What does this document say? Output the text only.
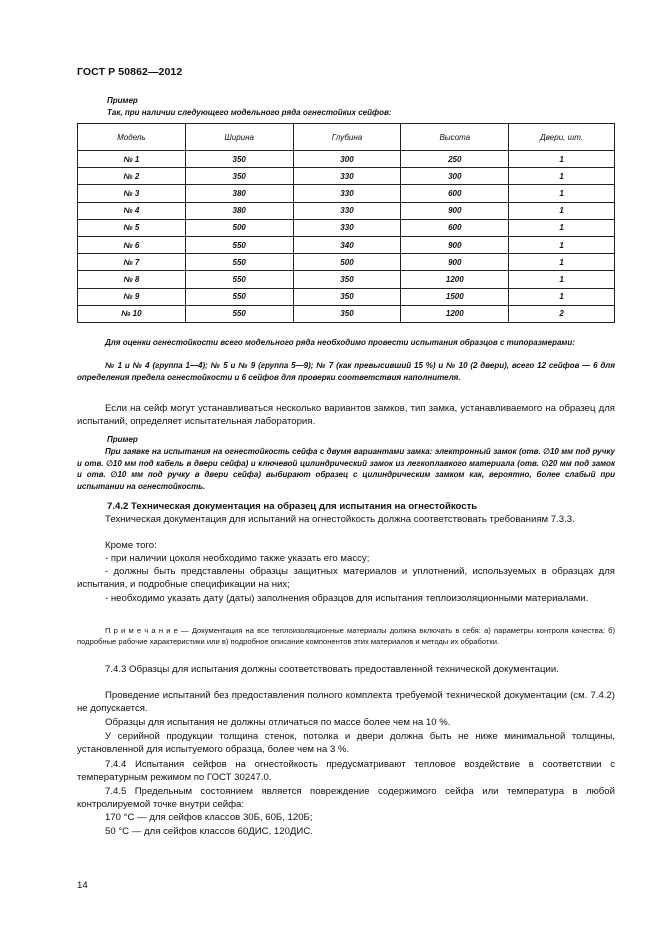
ГОСТ Р 50862—2012
Пример
Так, при наличии следующего модельного ряда огнестойких сейфов:
Модель	Ширина	Глубина	Высота	Двери, шт.
№ 1	350	300	250	1
№ 2	350	330	300	1
№ 3	380	330	600	1
№ 4	380	330	900	1
№ 5	500	330	600	1
№ 6	550	340	900	1
№ 7	550	500	900	1
№ 8	550	350	1200	1
№ 9	550	350	1500	1
№ 10	550	350	1200	2
Для оценки огнестойкости всего модельного ряда необходимо провести испытания образцов с типоразмерами:
№ 1 и № 4 (группа 1—4); № 5 и № 9 (группа 5—9); № 7 (как превысивший 15 %) и № 10 (2 двери), всего 12 сейфов — 6 для определения предела огнестойкости и 6 сейфов для проверки соответствия наполнителя.
Если на сейф могут устанавливаться несколько вариантов замков, тип замка, устанавливаемого на образец для испытаний, определяет испытательная лаборатория.
Пример
При заявке на испытания на огнестойкость сейфа с двумя вариантами замка: электронный замок (отв. ∅10 мм под ручку и отв. ∅10 мм под кабель в двери сейфа) и ключевой цилиндрический замок из легкоплавкого материала (отв. ∅20 мм под замок и отв. ∅10 мм под ручку в двери сейфа) выбирают образец с цилиндрическим замком как, вероятно, более слабый при испытании на огнестойкость.
7.4.2 Техническая документация на образец для испытания на огнестойкость
Техническая документация для испытаний на огнестойкость должна соответствовать требованиям 7.3.3.
Кроме того:
- при наличии цоколя необходимо также указать его массу;
- должны быть представлены образцы защитных материалов и уплотнений, используемых в образцах для испытания, и подробные спецификации на них;
- необходимо указать дату (даты) заполнения образцов для испытания теплоизоляционными материалами.
П р и м е ч а н и е — Документация на все теплоизоляционные материалы должна включать в себя: а) параметры контроля качества; б) подробные рабочие характеристики или в) подробное описание компонентов этих материалов и методы их обработки.
7.4.3 Образцы для испытания должны соответствовать предоставленной технической документации.
Проведение испытаний без предоставления полного комплекта требуемой технической документации (см. 7.4.2) не допускается.
Образцы для испытания не должны отличаться по массе более чем на 10 %.
У серийной продукции толщина стенок, потолка и двери должна быть не ниже минимальной толщины, установленной для испытуемого образца, более чем на 3 %.
7.4.4 Испытания сейфов на огнестойкость предусматривают тепловое воздействие в соответствии с температурным режимом по ГОСТ 30247.0.
7.4.5 Предельным состоянием является повреждение содержимого сейфа или температура в любой контролируемой точке внутри сейфа:
170 °С — для сейфов классов 30Б, 60Б, 120Б;
50 °С — для сейфов классов 60ДИС, 120ДИС.
14
